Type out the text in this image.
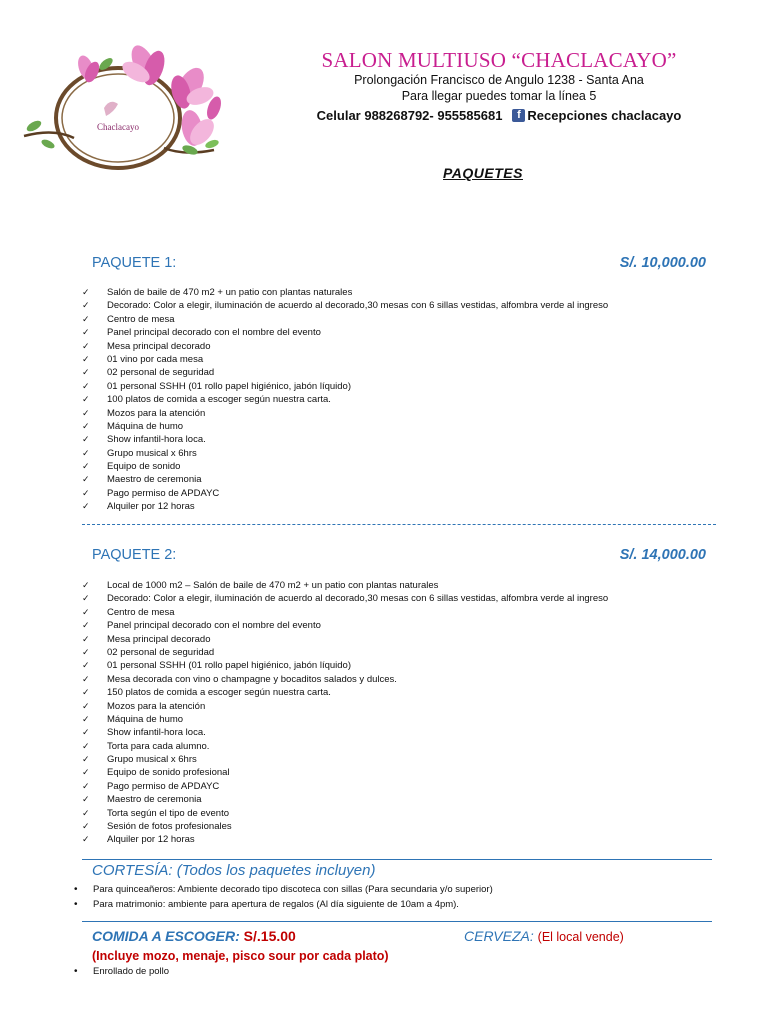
Chaclacayo
SALON MULTIUSO “CHACLACAYO”
Prolongación Francisco de Angulo 1238 - Santa Ana
Para llegar puedes tomar la línea 5
Celular 988268792- 955585681 f Recepciones chaclacayo
PAQUETES
PAQUETE 1:	S/. 10,000.00
✓ Salón de baile de 470 m2 + un patio con plantas naturales
✓ Decorado: Color a elegir, iluminación de acuerdo al decorado,30 mesas con 6 sillas vestidas, alfombra verde al ingreso
✓ Centro de mesa
✓ Panel principal decorado con el nombre del evento
✓ Mesa principal decorado
✓ 01 vino por cada mesa
✓ 02 personal de seguridad
✓ 01 personal SSHH (01 rollo papel higiénico, jabón líquido)
✓ 100 platos de comida a escoger según nuestra carta.
✓ Mozos para la atención
✓ Máquina de humo
✓ Show infantil-hora loca.
✓ Grupo musical x 6hrs
✓ Equipo de sonido
✓ Maestro de ceremonia
✓ Pago permiso de APDAYC
✓ Alquiler por 12 horas
PAQUETE 2:	S/. 14,000.00
✓ Local de 1000 m2 – Salón de baile de 470 m2 + un patio con plantas naturales
✓ Decorado: Color a elegir, iluminación de acuerdo al decorado,30 mesas con 6 sillas vestidas, alfombra verde al ingreso
✓ Centro de mesa
✓ Panel principal decorado con el nombre del evento
✓ Mesa principal decorado
✓ 02 personal de seguridad
✓ 01 personal SSHH (01 rollo papel higiénico, jabón líquido)
✓ Mesa decorada con vino o champagne y bocaditos salados y dulces.
✓ 150 platos de comida a escoger según nuestra carta.
✓ Mozos para la atención
✓ Máquina de humo
✓ Show infantil-hora loca.
✓ Torta para cada alumno.
✓ Grupo musical x 6hrs
✓ Equipo de sonido profesional
✓ Pago permiso de APDAYC
✓ Maestro de ceremonia
✓ Torta según el tipo de evento
✓ Sesión de fotos profesionales
✓ Alquiler por 12 horas
CORTESÍA: (Todos los paquetes incluyen)
• Para quinceañeros: Ambiente decorado tipo discoteca con sillas (Para secundaria y/o superior)
• Para matrimonio: ambiente para apertura de regalos (Al día siguiente de 10am a 4pm).
COMIDA A ESCOGER: S/.15.00	CERVEZA: (El local vende)
(Incluye mozo, menaje, pisco sour por cada plato)
• Enrollado de pollo
